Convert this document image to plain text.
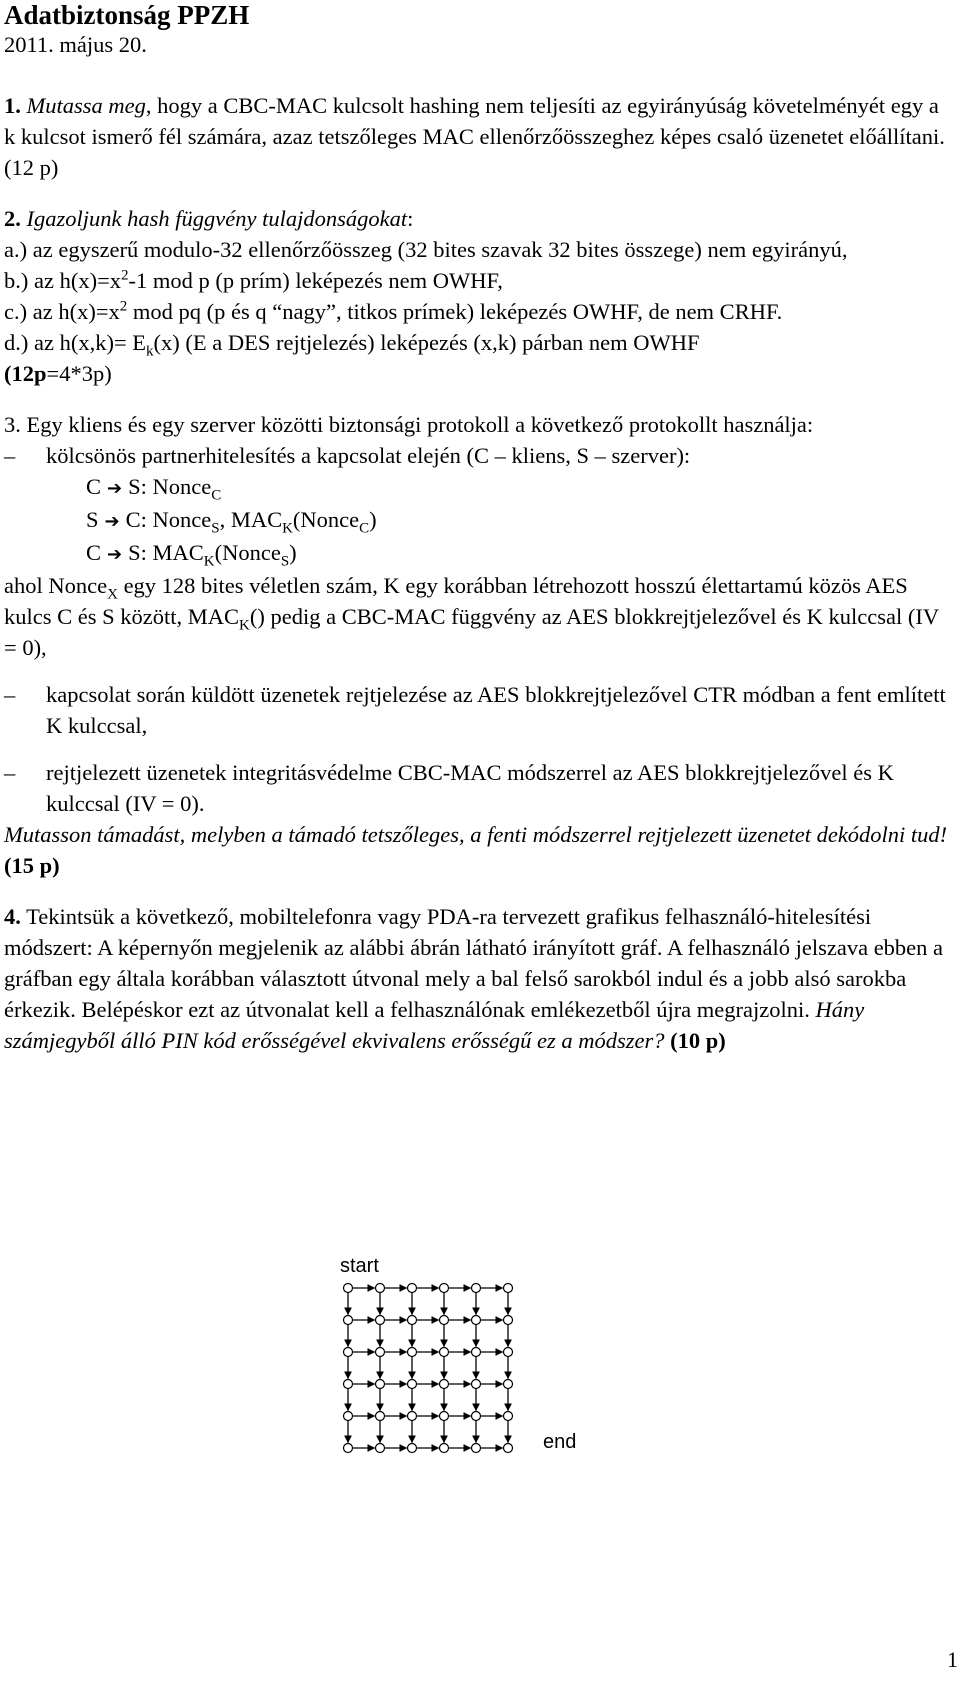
Adatbiztonság PPZH

2011. május 20.

1. Mutassa meg, hogy a CBC-MAC kulcsolt hashing nem teljesíti az egyirányúság követelményét egy a k kulcsot ismerő fél számára, azaz tetszőleges MAC ellenőrzőösszeghez képes csaló üzenetet előállítani. (12 p)

2. Igazoljunk hash függvény tulajdonságokat:

a.) az egyszerű modulo-32 ellenőrzőösszeg (32 bites szavak 32 bites összege) nem egyirányú,

b.) az $h(x)=x^2-1$ mod p (p prím) leképezés nem OWHF,

c.) az $h(x)=x^2$ mod pq (p és q “nagy”, titkos prímek) leképezés OWHF, de nem CRHF.

d.) az $h(x,k)= E_k(x)$ (E a DES rejtjelezés) leképezés (x,k) párban nem OWHF

(12p=4*3p)

3. Egy kliens és egy szerver közötti biztonsági protokoll a következő protokollt használja:

– kölcsönös partnerhitelesítés a kapcsolat elején (C – kliens, S – szerver):

C ➔ S: Nonce$_C$

S ➔ C: Nonce$_S$, $MAC_K(Nonce_C)$

C ➔ S: $MAC_K(Nonce_S)$

ahol Nonce$_X$ egy 128 bites véletlen szám, K egy korábban létrehozott hosszú élettartamú közös AES kulcs C és S között, $MAC_K()$ pedig a CBC-MAC függvény az AES blokkrejtjelezővel és K kulccsal (IV = 0),

– kapcsolat során küldött üzenetek rejtjelezése az AES blokkrejtjelezővel CTR módban a fent említett K kulccsal,

– rejtjelezett üzenetek integritásvédelme CBC-MAC módszerrel az AES blokkrejtjelezővel és K kulccsal (IV = 0).

Mutasson támadást, melyben a támadó tetszőleges, a fenti módszerrel rejtjelezett üzenetet dekódolni tud! (15 p)

4. Tekintsük a következő, mobiltelefonra vagy PDA-ra tervezett grafikus felhasználó-hitelesítési módszert: A képernyőn megjelenik az alábbi ábrán látható irányított gráf. A felhasználó jelszava ebben a gráfban egy általa korábban választott útvonal mely a bal felső sarokból indul és a jobb alsó sarokba érkezik. Belépéskor ezt az útvonalat kell a felhasználónak emlékezetből újra megrajzolni. Hány számjegyből álló PIN kód erősségével ekvivalens erősségű ez a módszer? (10 p)

start
end
1
